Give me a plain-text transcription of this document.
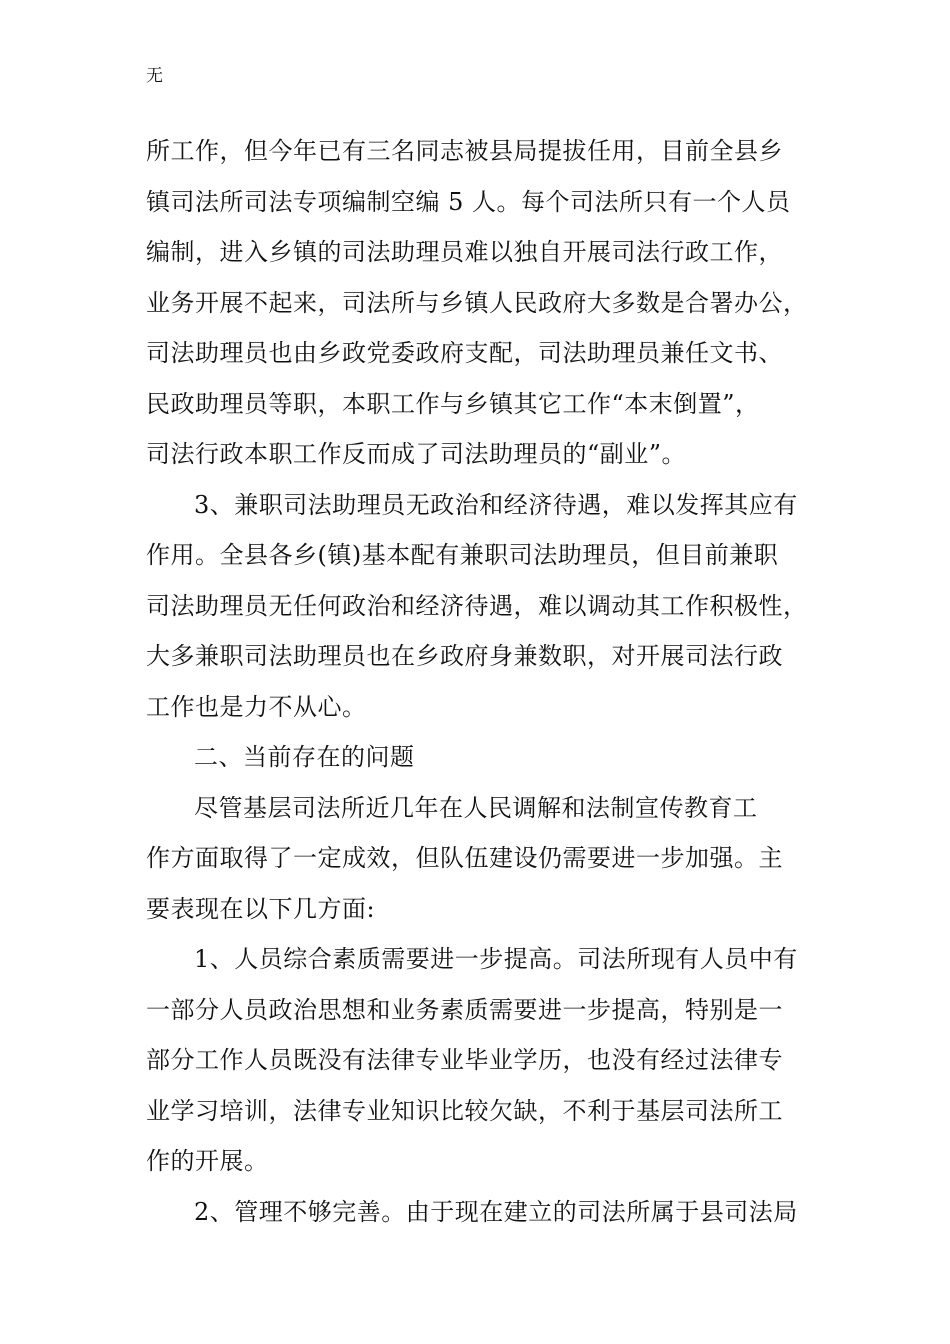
无
所工作，但今年已有三名同志被县局提拔任用，目前全县乡
镇司法所司法专项编制空编 5 人。每个司法所只有一个人员
编制，进入乡镇的司法助理员难以独自开展司法行政工作，
业务开展不起来，司法所与乡镇人民政府大多数是合署办公，
司法助理员也由乡政党委政府支配，司法助理员兼任文书、
民政助理员等职，本职工作与乡镇其它工作“本末倒置”，
司法行政本职工作反而成了司法助理员的“副业”。
3、兼职司法助理员无政治和经济待遇，难以发挥其应有
作用。全县各乡(镇)基本配有兼职司法助理员，但目前兼职
司法助理员无任何政治和经济待遇，难以调动其工作积极性，
大多兼职司法助理员也在乡政府身兼数职，对开展司法行政
工作也是力不从心。
二、当前存在的问题
尽管基层司法所近几年在人民调解和法制宣传教育工
作方面取得了一定成效，但队伍建设仍需要进一步加强。主
要表现在以下几方面:
1、人员综合素质需要进一步提高。司法所现有人员中有
一部分人员政治思想和业务素质需要进一步提高，特别是一
部分工作人员既没有法律专业毕业学历，也没有经过法律专
业学习培训，法律专业知识比较欠缺，不利于基层司法所工
作的开展。
2、管理不够完善。由于现在建立的司法所属于县司法局
